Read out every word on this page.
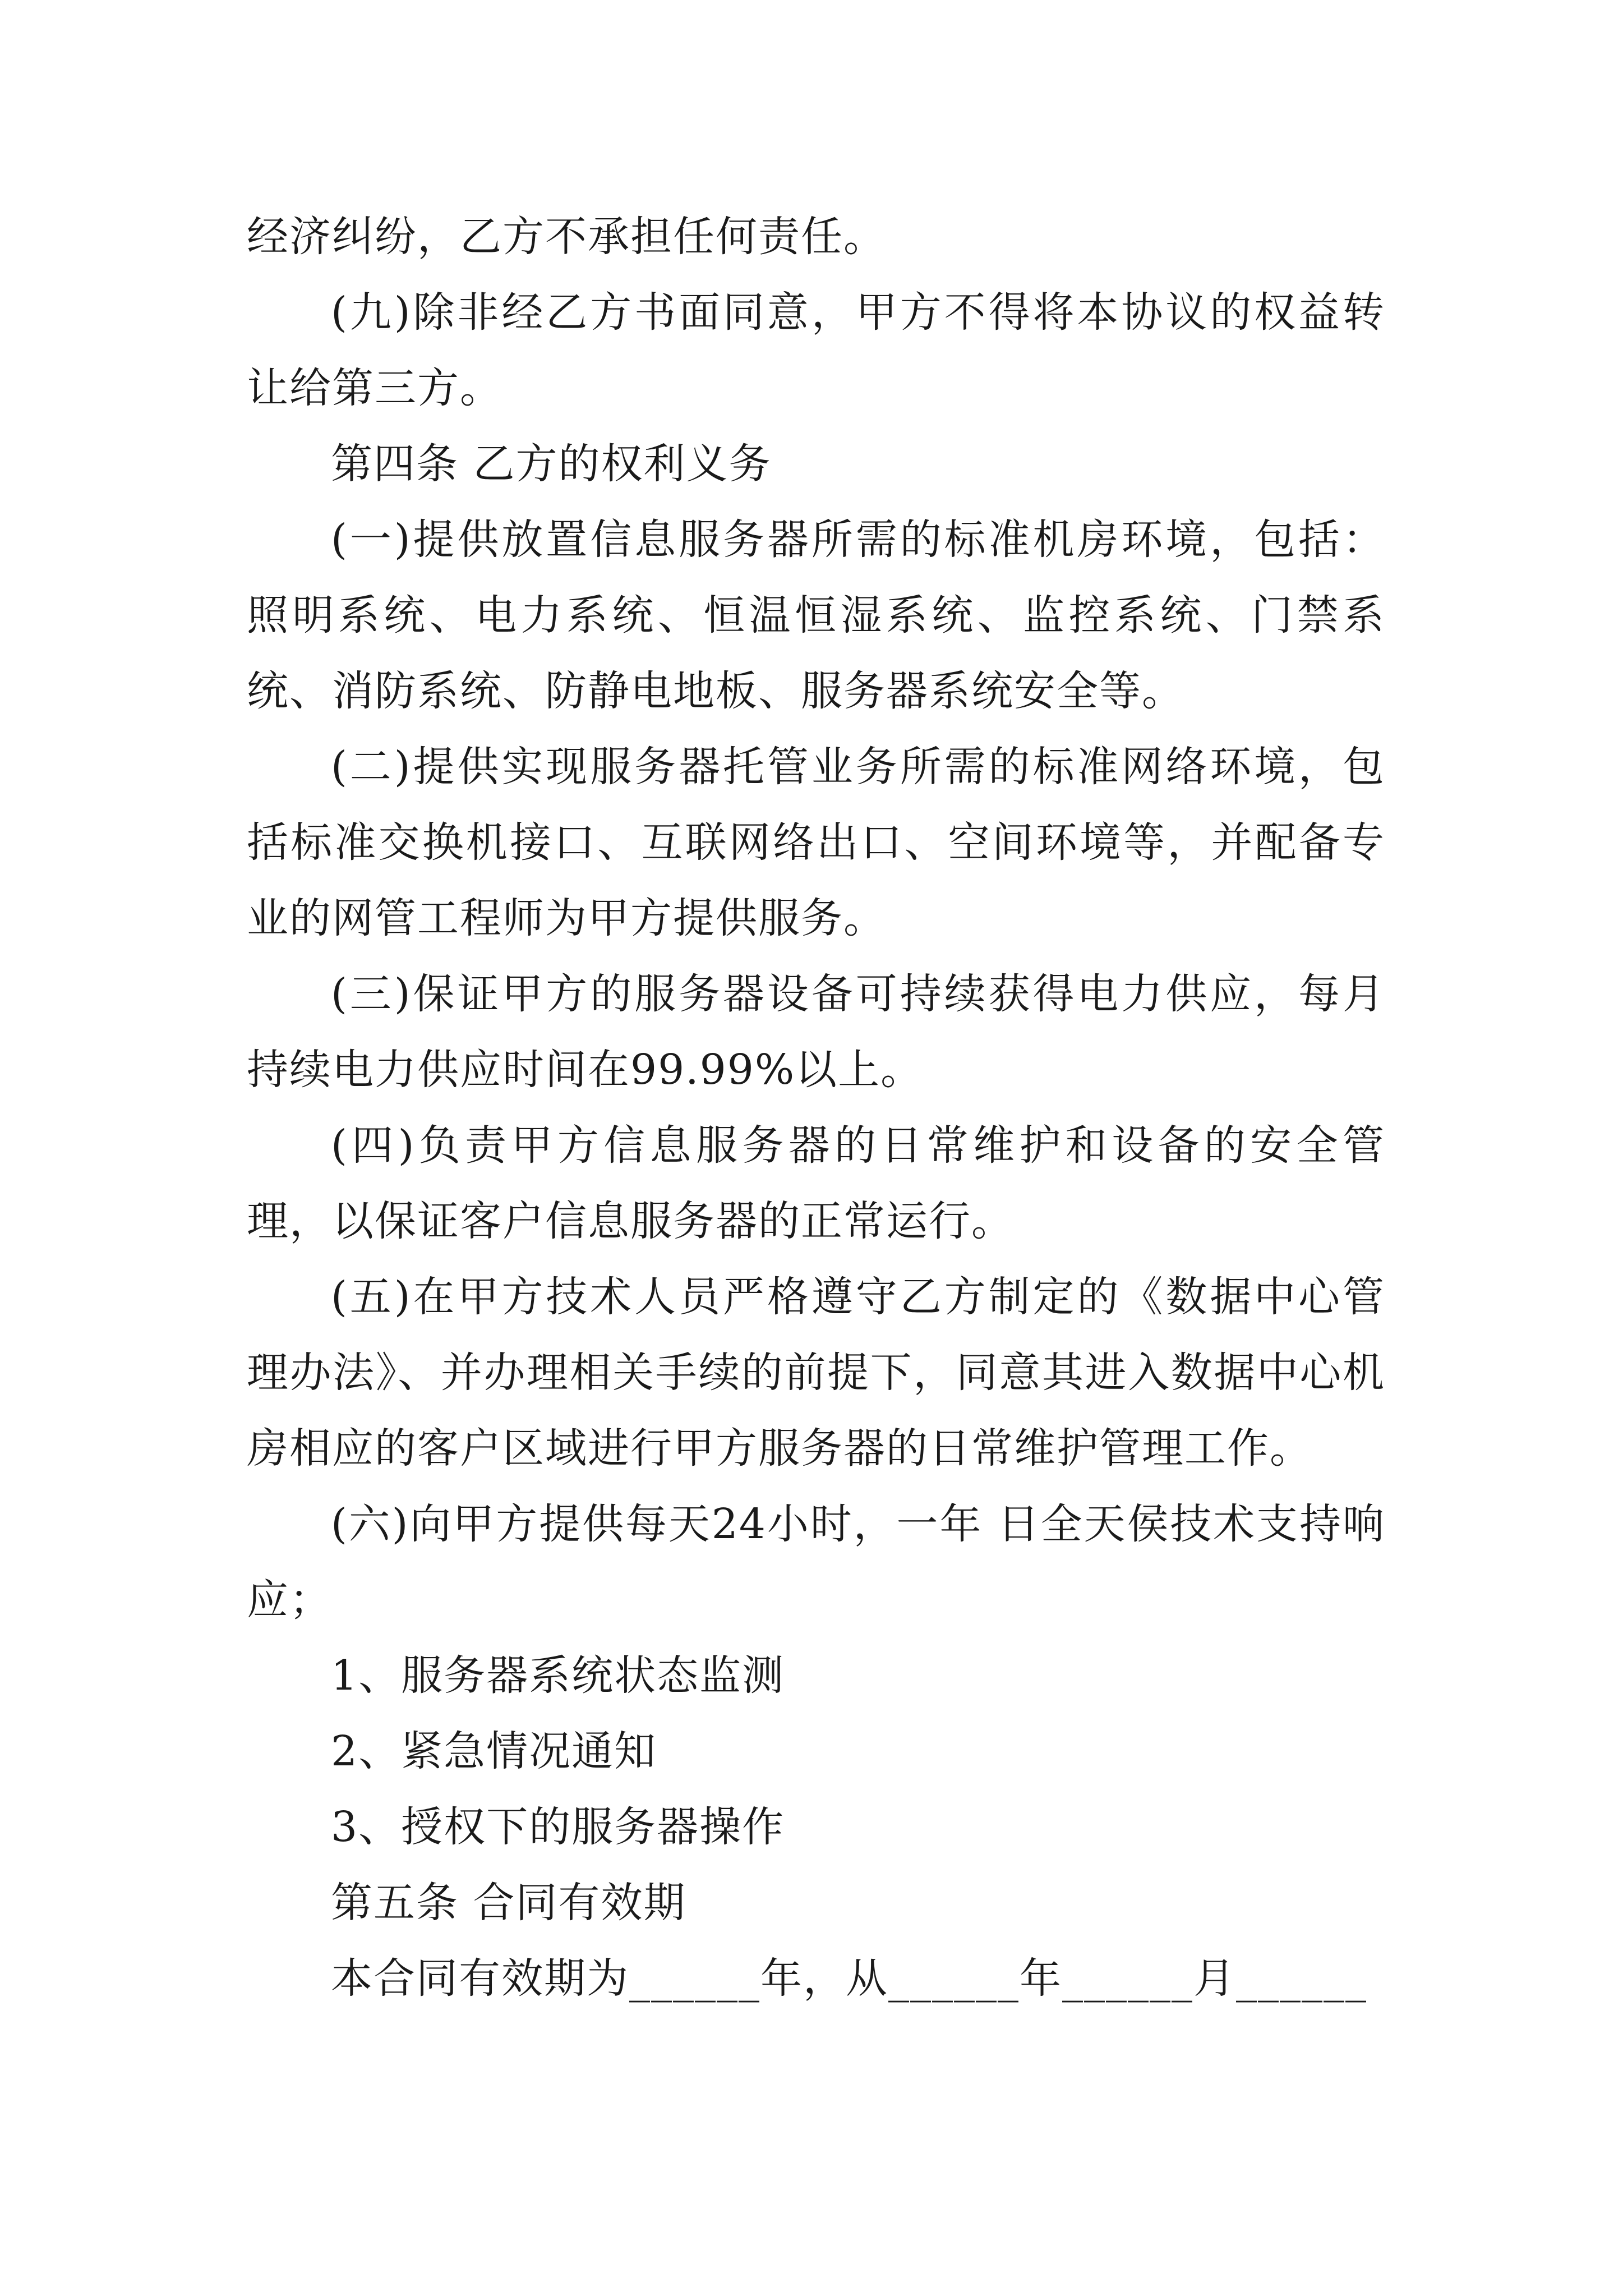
经济纠纷，乙方不承担任何责任。

(九)除非经乙方书面同意，甲方不得将本协议的权益转让给第三方。

第四条 乙方的权利义务

(一)提供放置信息服务器所需的标准机房环境，包括：照明系统、电力系统、恒温恒湿系统、监控系统、门禁系统、消防系统、防静电地板、服务器系统安全等。

(二)提供实现服务器托管业务所需的标准网络环境，包括标准交换机接口、互联网络出口、空间环境等，并配备专业的网管工程师为甲方提供服务。

(三)保证甲方的服务器设备可持续获得电力供应，每月持续电力供应时间在99.99%以上。

(四)负责甲方信息服务器的日常维护和设备的安全管理，以保证客户信息服务器的正常运行。

(五)在甲方技术人员严格遵守乙方制定的《数据中心管理办法》、并办理相关手续的前提下，同意其进入数据中心机房相应的客户区域进行甲方服务器的日常维护管理工作。

(六)向甲方提供每天24小时，一年 日全天侯技术支持响应；

1、服务器系统状态监测

2、紧急情况通知

3、授权下的服务器操作

第五条 合同有效期

本合同有效期为______年，从______年______月______
